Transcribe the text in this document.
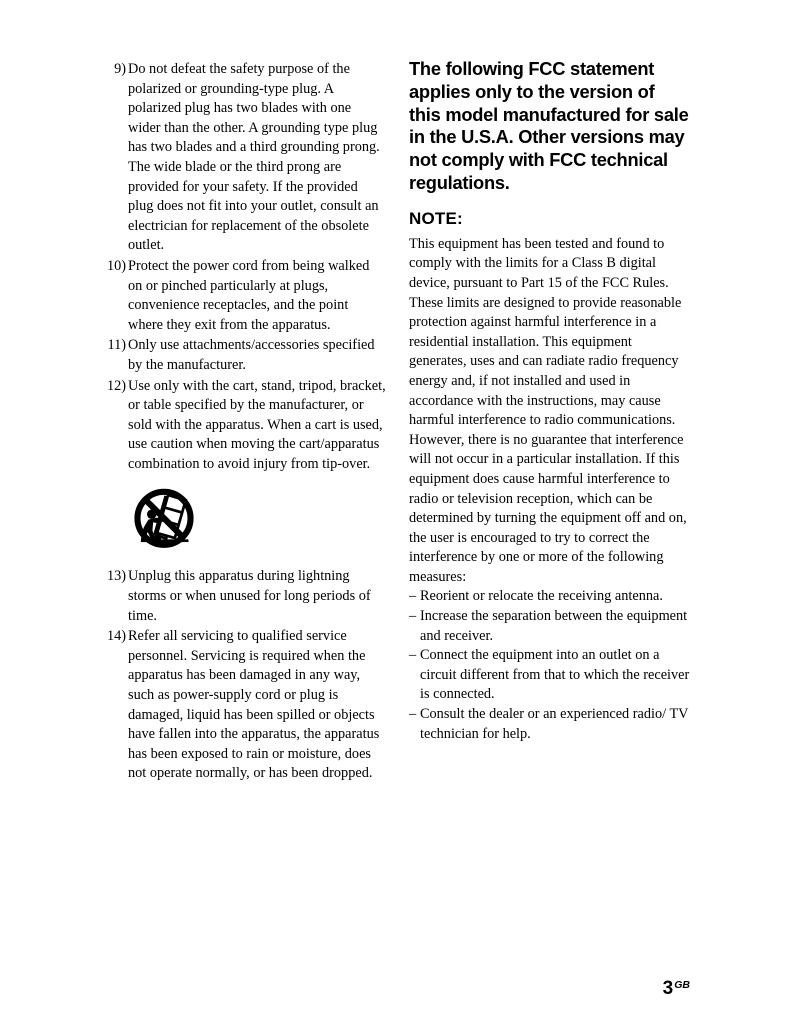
9) Do not defeat the safety purpose of the polarized or grounding-type plug. A polarized plug has two blades with one wider than the other. A grounding type plug has two blades and a third grounding prong. The wide blade or the third prong are provided for your safety. If the provided plug does not fit into your outlet, consult an electrician for replacement of the obsolete outlet.
10) Protect the power cord from being walked on or pinched particularly at plugs, convenience receptacles, and the point where they exit from the apparatus.
11) Only use attachments/accessories specified by the manufacturer.
12) Use only with the cart, stand, tripod, bracket, or table specified by the manufacturer, or sold with the apparatus. When a cart is used, use caution when moving the cart/apparatus combination to avoid injury from tip-over.
13) Unplug this apparatus during lightning storms or when unused for long periods of time.
14) Refer all servicing to qualified service personnel. Servicing is required when the apparatus has been damaged in any way, such as power-supply cord or plug is damaged, liquid has been spilled or objects have fallen into the apparatus, the apparatus has been exposed to rain or moisture, does not operate normally, or has been dropped.
The following FCC statement applies only to the version of this model manufactured for sale in the U.S.A. Other versions may not comply with FCC technical regulations.
NOTE:

This equipment has been tested and found to comply with the limits for a Class B digital device, pursuant to Part 15 of the FCC Rules. These limits are designed to provide reasonable protection against harmful interference in a residential installation. This equipment generates, uses and can radiate radio frequency energy and, if not installed and used in accordance with the instructions, may cause harmful interference to radio communications. However, there is no guarantee that interference will not occur in a particular installation. If this equipment does cause harmful interference to radio or television reception, which can be determined by turning the equipment off and on, the user is encouraged to try to correct the interference by one or more of the following measures:

– Reorient or relocate the receiving antenna.
– Increase the separation between the equipment and receiver.
– Connect the equipment into an outlet on a circuit different from that to which the receiver is connected.
– Consult the dealer or an experienced radio/ TV technician for help.
3 GB
